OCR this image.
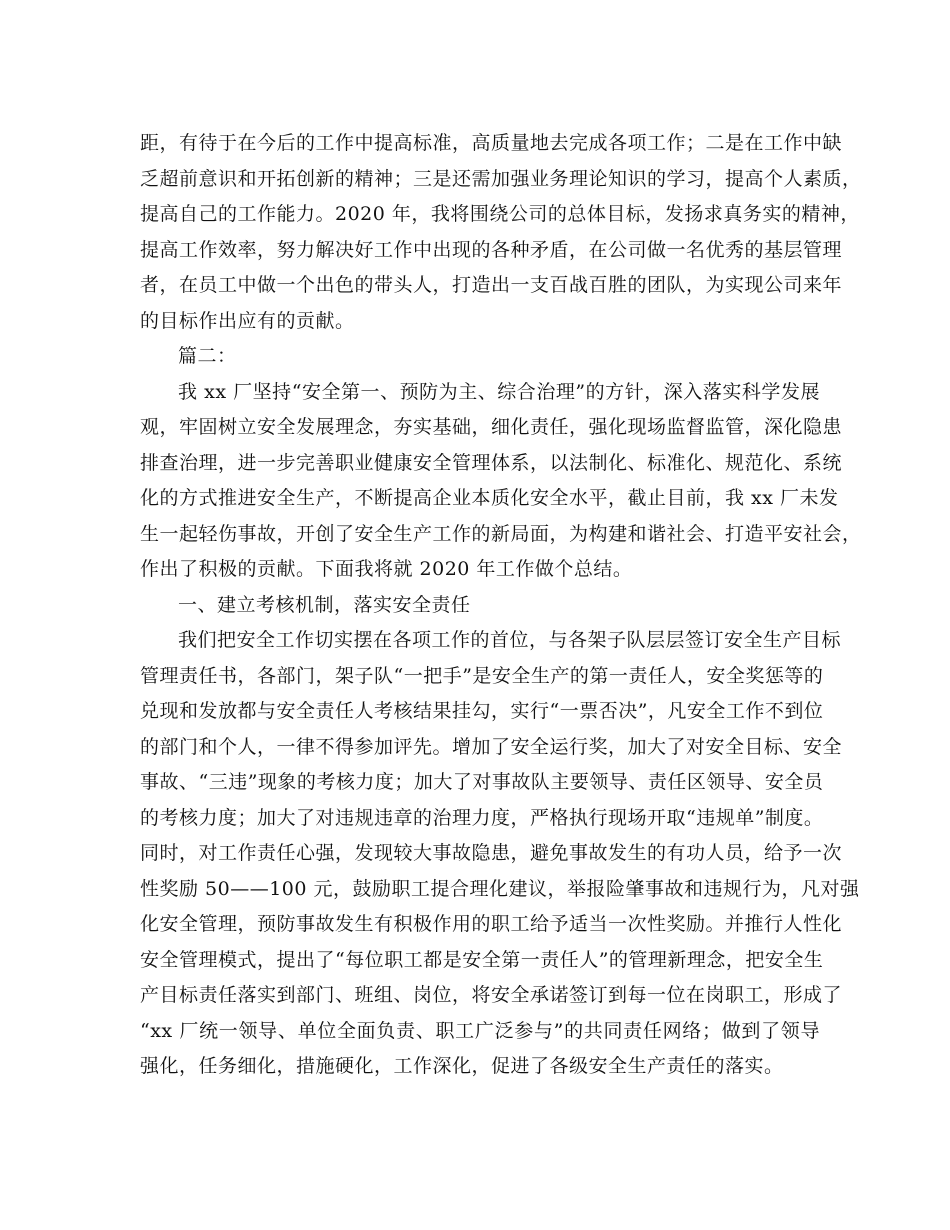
距，有待于在今后的工作中提高标准，高质量地去完成各项工作；二是在工作中缺
乏超前意识和开拓创新的精神；三是还需加强业务理论知识的学习，提高个人素质，
提高自己的工作能力。2020 年，我将围绕公司的总体目标，发扬求真务实的精神，
提高工作效率，努力解决好工作中出现的各种矛盾，在公司做一名优秀的基层管理
者，在员工中做一个出色的带头人，打造出一支百战百胜的团队，为实现公司来年
的目标作出应有的贡献。
篇二：
我 xx 厂坚持“安全第一、预防为主、综合治理”的方针，深入落实科学发展
观，牢固树立安全发展理念，夯实基础，细化责任，强化现场监督监管，深化隐患
排查治理，进一步完善职业健康安全管理体系，以法制化、标准化、规范化、系统
化的方式推进安全生产，不断提高企业本质化安全水平，截止目前，我 xx 厂未发
生一起轻伤事故，开创了安全生产工作的新局面，为构建和谐社会、打造平安社会，
作出了积极的贡献。下面我将就 2020 年工作做个总结。
一、建立考核机制，落实安全责任
我们把安全工作切实摆在各项工作的首位，与各架子队层层签订安全生产目标
管理责任书，各部门，架子队“一把手”是安全生产的第一责任人，安全奖惩等的
兑现和发放都与安全责任人考核结果挂勾，实行“一票否决”，凡安全工作不到位
的部门和个人，一律不得参加评先。增加了安全运行奖，加大了对安全目标、安全
事故、“三违”现象的考核力度；加大了对事故队主要领导、责任区领导、安全员
的考核力度；加大了对违规违章的治理力度，严格执行现场开取“违规单”制度。
同时，对工作责任心强，发现较大事故隐患，避免事故发生的有功人员，给予一次
性奖励 50——100 元，鼓励职工提合理化建议，举报险肇事故和违规行为，凡对强
化安全管理，预防事故发生有积极作用的职工给予适当一次性奖励。并推行人性化
安全管理模式，提出了“每位职工都是安全第一责任人”的管理新理念，把安全生
产目标责任落实到部门、班组、岗位，将安全承诺签订到每一位在岗职工，形成了
“xx 厂统一领导、单位全面负责、职工广泛参与”的共同责任网络；做到了领导
强化，任务细化，措施硬化，工作深化，促进了各级安全生产责任的落实。
